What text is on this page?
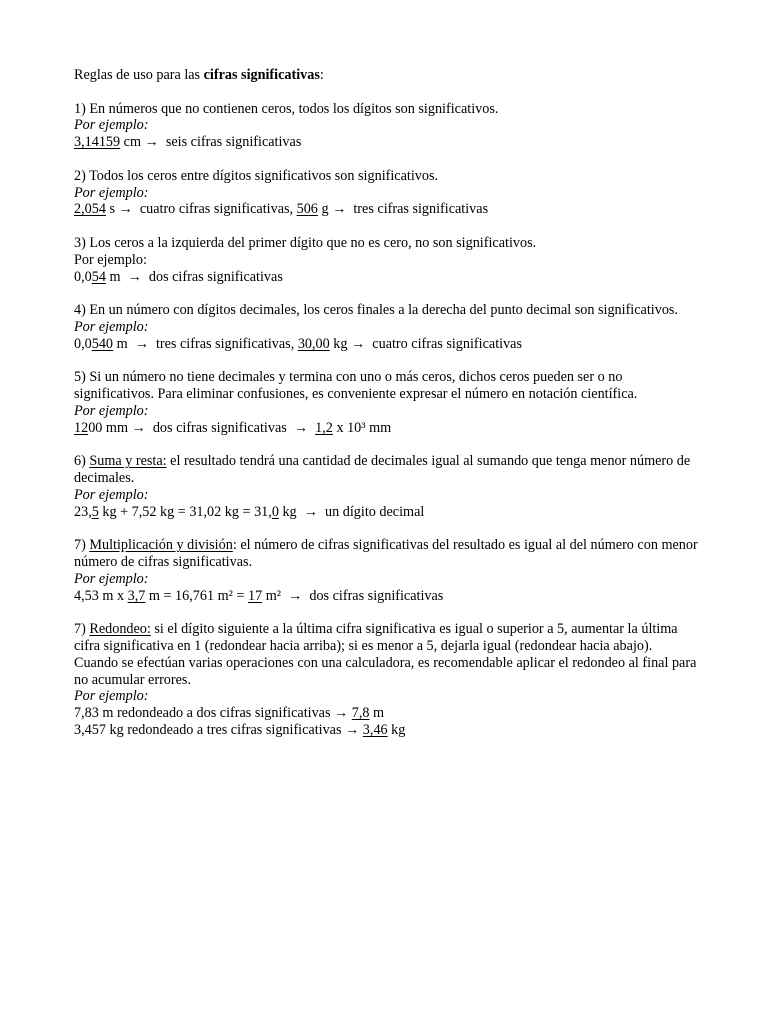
Reglas de uso para las cifras significativas:
1) En números que no contienen ceros, todos los dígitos son significativos.
Por ejemplo:
3,14159 cm →  seis cifras significativas
2) Todos los ceros entre dígitos significativos son significativos.
Por ejemplo:
2,054 s →  cuatro cifras significativas, 506 g →  tres cifras significativas
3) Los ceros a la izquierda del primer dígito que no es cero, no son significativos.
Por ejemplo:
0,054 m  →  dos cifras significativas
4) En un número con dígitos decimales, los ceros finales a la derecha del punto decimal son significativos.
Por ejemplo:
0,0540 m  →  tres cifras significativas, 30,00 kg →  cuatro cifras significativas
5) Si un número no tiene decimales y termina con uno o más ceros, dichos ceros pueden ser o no significativos. Para eliminar confusiones, es conveniente expresar el número en notación científica.
Por ejemplo:
1200 mm →  dos cifras significativas  →  1,2 x 10³ mm
6) Suma y resta: el resultado tendrá una cantidad de decimales igual al sumando que tenga menor número de decimales.
Por ejemplo:
23,5 kg + 7,52 kg = 31,02 kg = 31,0 kg  →  un dígito decimal
7) Multiplicación y división: el número de cifras significativas del resultado es igual al del número con menor número de cifras significativas.
Por ejemplo:
4,53 m x 3,7 m = 16,761 m² = 17 m²  →  dos cifras significativas
7) Redondeo: si el dígito siguiente a la última cifra significativa es igual o superior a 5, aumentar la última cifra significativa en 1 (redondear hacia arriba); si es menor a 5, dejarla igual (redondear hacia abajo).
Cuando se efectúan varias operaciones con una calculadora, es recomendable aplicar el redondeo al final para no acumular errores.
Por ejemplo:
7,83 m redondeado a dos cifras significativas → 7,8 m
3,457 kg redondeado a tres cifras significativas → 3,46 kg
